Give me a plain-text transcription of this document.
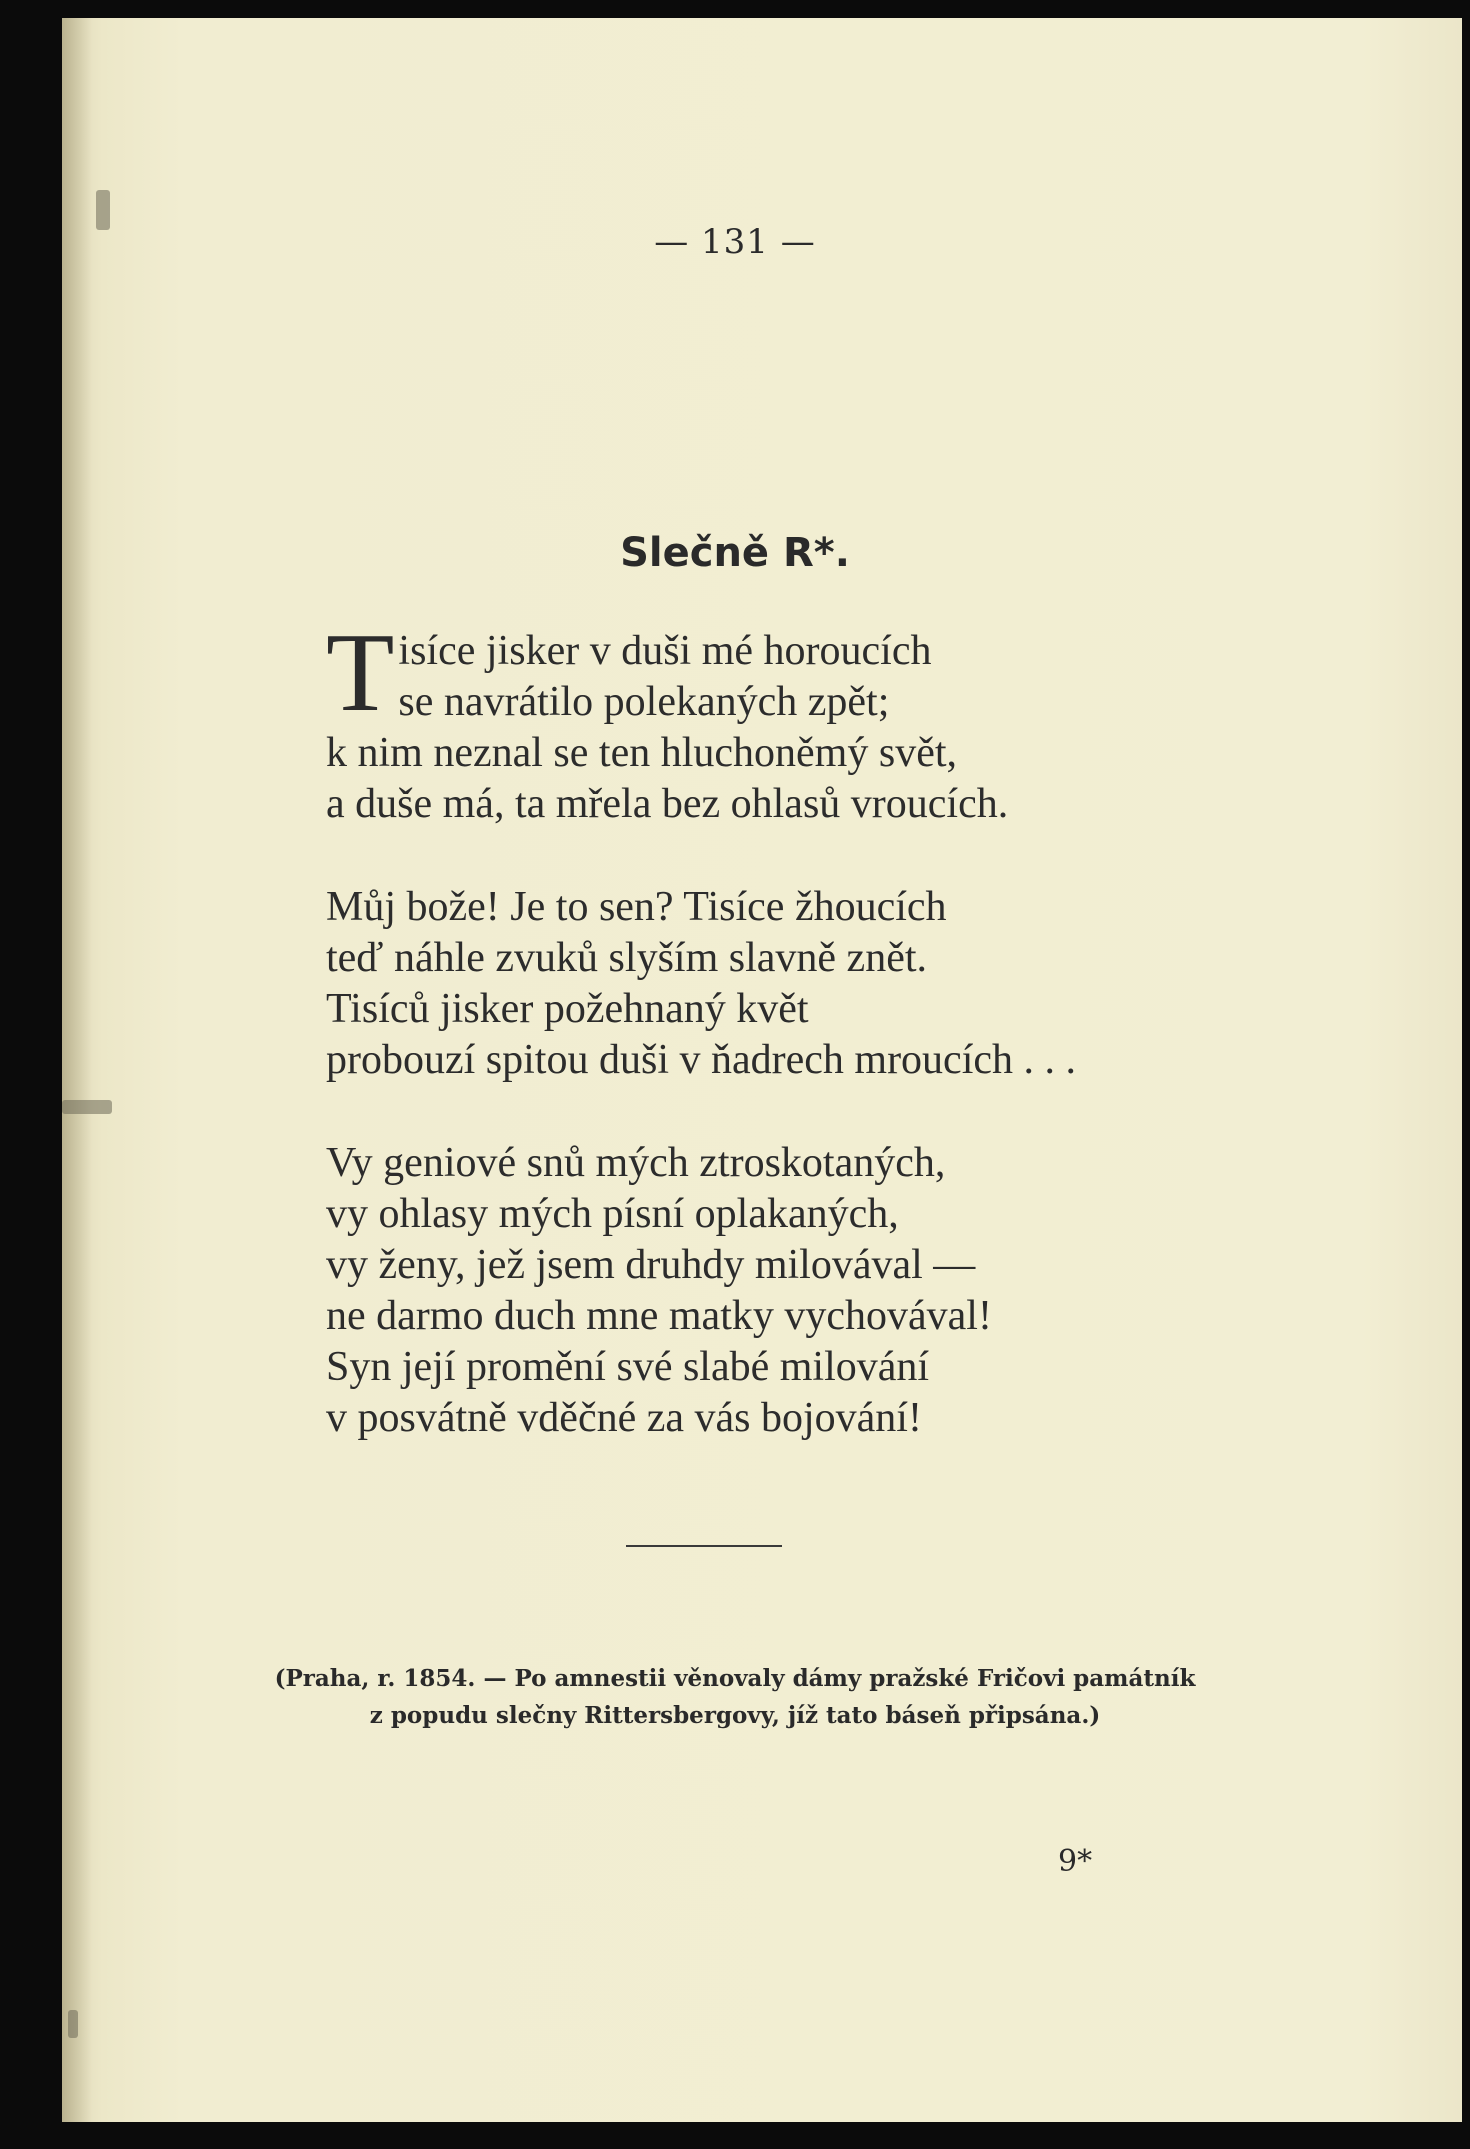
— 131 —
Slečně R*.
T isíce jisker v duši mé horoucích
se navrátilo polekaných zpět;
k nim neznal se ten hluchoněmý svět,
a duše má, ta mřela bez ohlasů vroucích.
Můj bože! Je to sen? Tisíce žhoucích
teď náhle zvuků slyším slavně znět.
Tisíců jisker požehnaný květ
probouzí spitou duši v ňadrech mroucích . . .
Vy geniové snů mých ztroskotaných,
vy ohlasy mých písní oplakaných,
vy ženy, jež jsem druhdy milovával —
ne darmo duch mne matky vychovával!
Syn její promění své slabé milování
v posvátně vděčné za vás bojování!
(Praha, r. 1854. — Po amnestii věnovaly dámy pražské Fričovi památník
z popudu slečny Rittersbergovy, jíž tato báseň připsána.)
9*
